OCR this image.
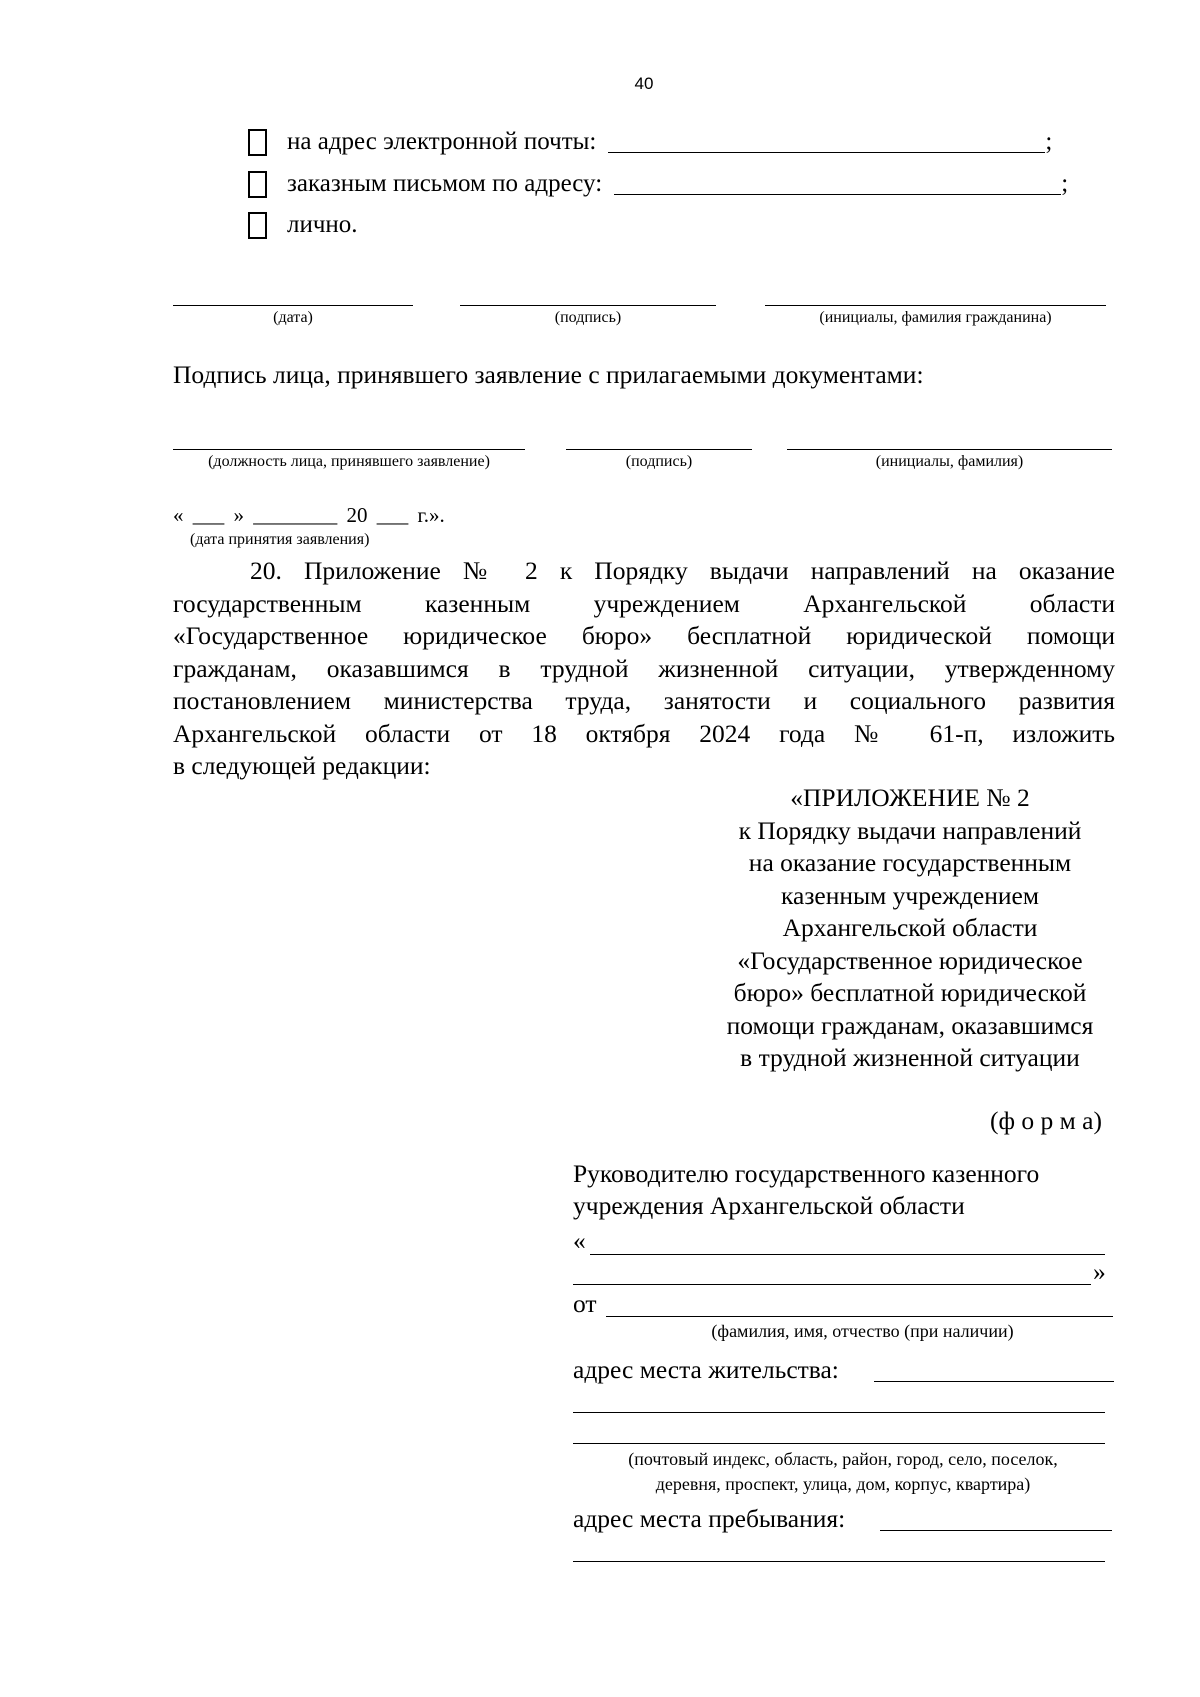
40
на адрес электронной почты:	;
заказным письмом по адресу:	;
лично.
(дата)	(подпись)	(инициалы, фамилия гражданина)
Подпись лица, принявшего заявление с прилагаемыми документами:
(должность лица, принявшего заявление)	(подпись)	(инициалы, фамилия)
« ___ » ________ 20 ___ г.».
(дата принятия заявления)
20. Приложение № 2 к Порядку выдачи направлений на оказание
государственным казенным учреждением Архангельской области
«Государственное юридическое бюро» бесплатной юридической помощи
гражданам, оказавшимся в трудной жизненной ситуации, утвержденному
постановлением министерства труда, занятости и социального развития
Архангельской области от 18 октября 2024 года № 61-п, изложить
в следующей редакции:
«ПРИЛОЖЕНИЕ № 2
к Порядку выдачи направлений
на оказание государственным
казенным учреждением
Архангельской области
«Государственное юридическое
бюро» бесплатной юридической
помощи гражданам, оказавшимся
в трудной жизненной ситуации
(ф о р м а)
Руководителю государственного казенного
учреждения Архангельской области
«
»
от
(фамилия, имя, отчество (при наличии)
адрес места жительства:
(почтовый индекс, область, район, город, село, поселок,
деревня, проспект, улица, дом, корпус, квартира)
адрес места пребывания:
